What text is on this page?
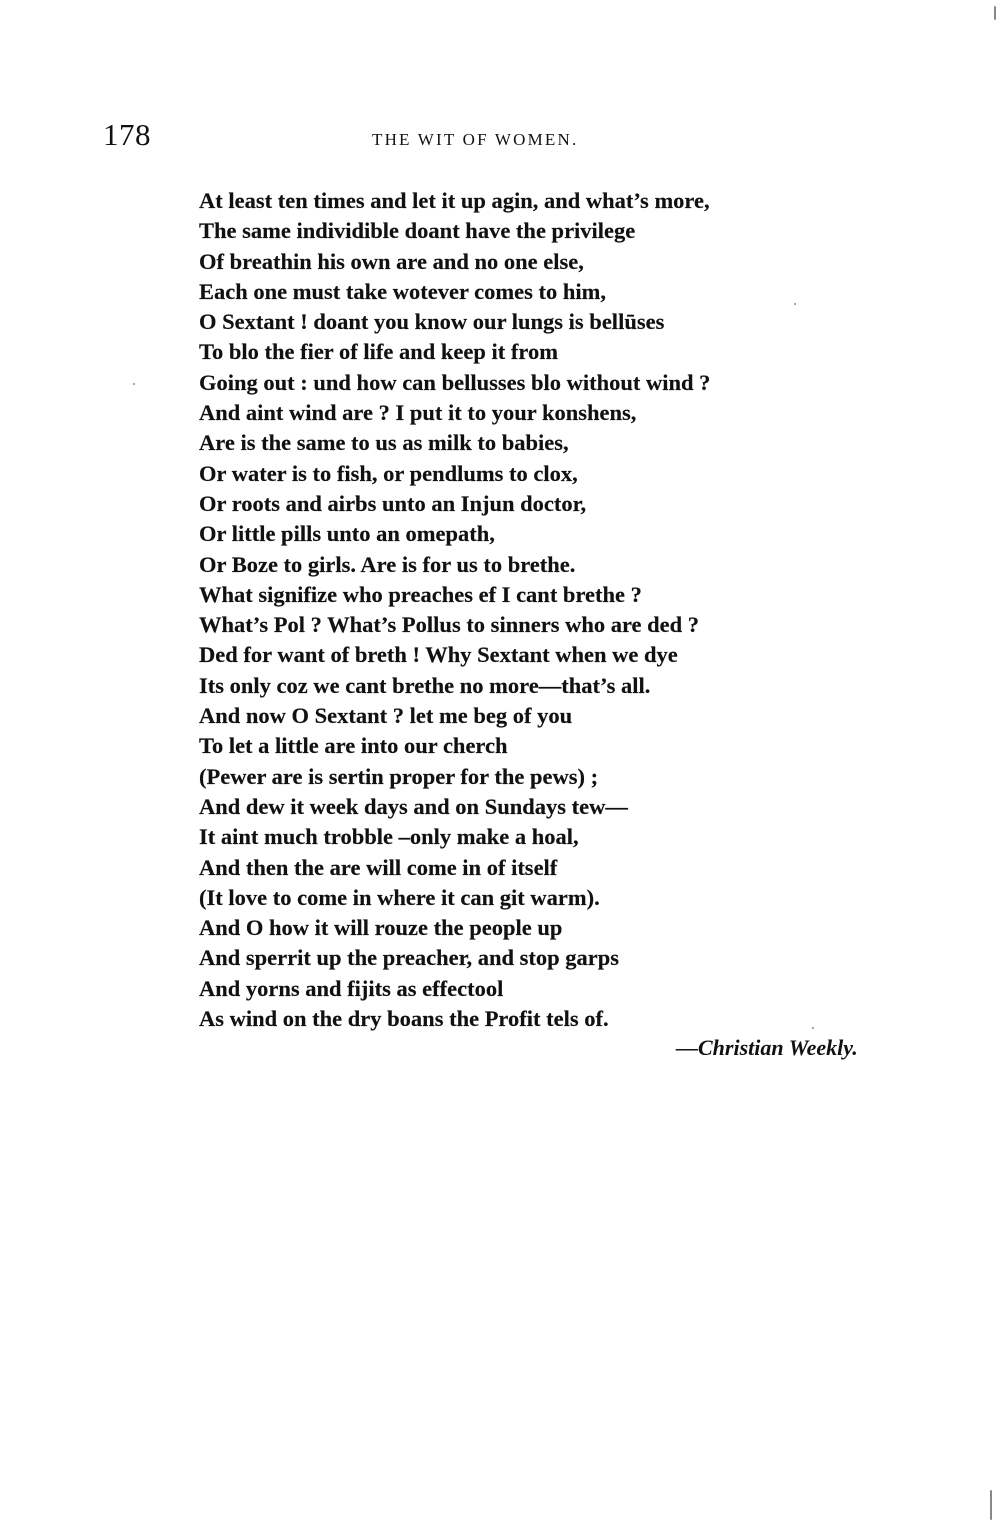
178	THE WIT OF WOMEN.
At least ten times and let it up agin, and what’s more,
The same individible doant have the privilege
Of breathin his own are and no one else,
Each one must take wotever comes to him,
O Sextant ! doant you know our lungs is bellūses
To blo the fier of life and keep it from
Going out : und how can bellusses blo without wind ?
And aint wind are ? I put it to your konshens,
Are is the same to us as milk to babies,
Or water is to fish, or pendlums to clox,
Or roots and airbs unto an Injun doctor,
Or little pills unto an omepath,
Or Boze to girls. Are is for us to brethe.
What signifize who preaches ef I cant brethe ?
What’s Pol ? What’s Pollus to sinners who are ded ?
Ded for want of breth ! Why Sextant when we dye
Its only coz we cant brethe no more—that’s all.
And now O Sextant ? let me beg of you
To let a little are into our cherch
(Pewer are is sertin proper for the pews) ;
And dew it week days and on Sundays tew—
It aint much trobble –only make a hoal,
And then the are will come in of itself
(It love to come in where it can git warm).
And O how it will rouze the people up
And sperrit up the preacher, and stop garps
And yorns and fijits as effectool
As wind on the dry boans the Profit tels of.
—Christian Weekly.
